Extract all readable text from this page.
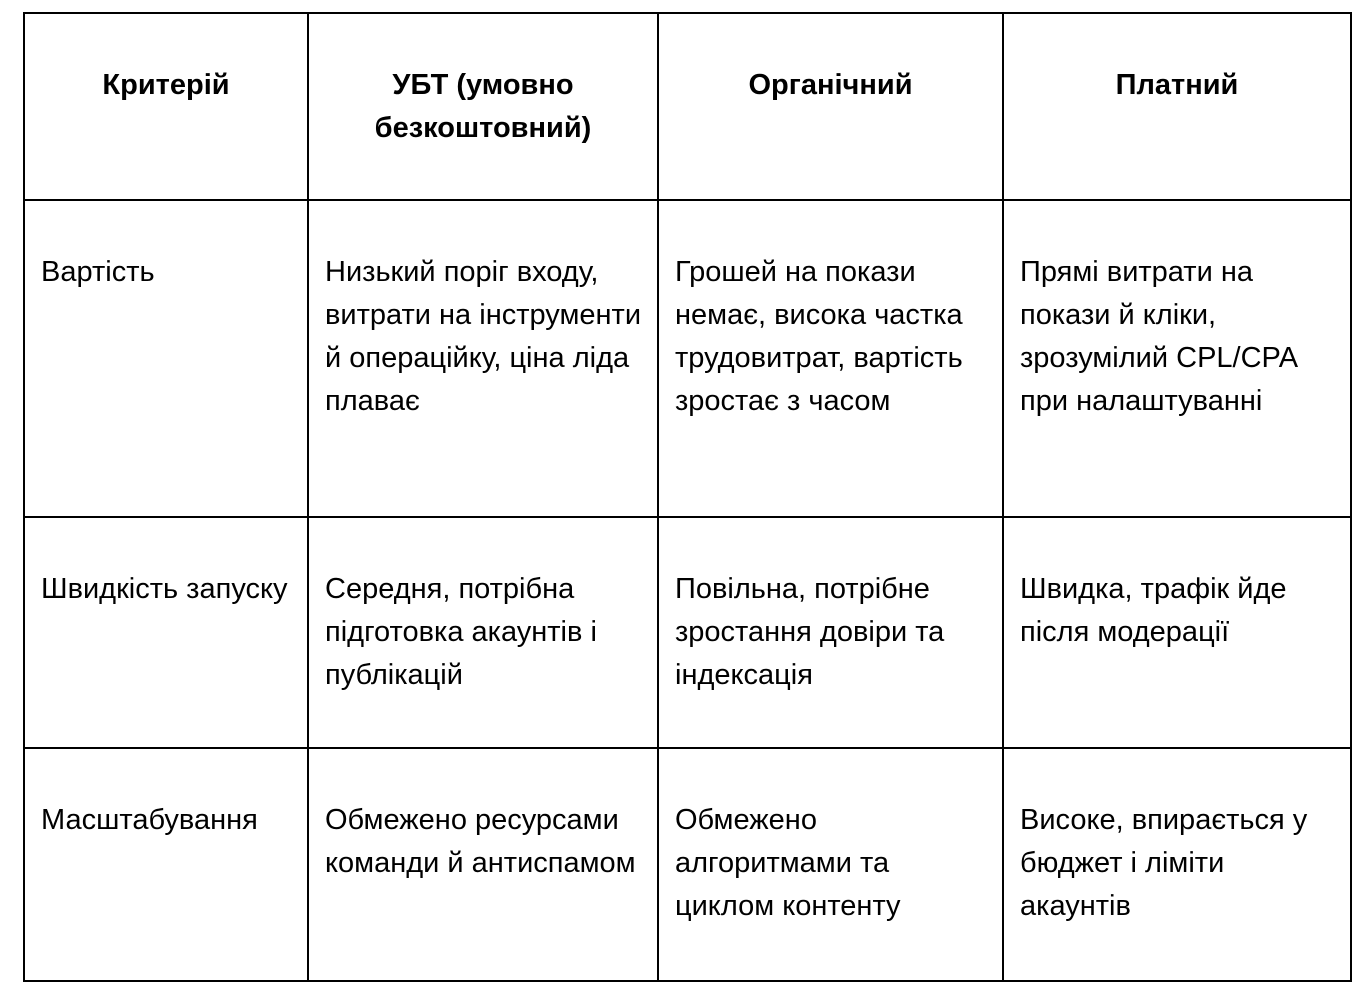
Критерій	УБТ (умовно безкоштовний)	Органічний	Платний

Вартість	Низький поріг входу, витрати на інструменти й операційку, ціна ліда плаває	Грошей на покази немає, висока частка трудовитрат, вартість зростає з часом	Прямі витрати на покази й кліки, зрозумілий CPL/CPA при налаштуванні

Швидкість запуску	Середня, потрібна підготовка акаунтів і публікацій	Повільна, потрібне зростання довіри та індексація	Швидка, трафік йде після модерації

Масштабування	Обмежено ресурсами команди й антиспамом	Обмежено алгоритмами та циклом контенту	Високе, впирається у бюджет і ліміти акаунтів
